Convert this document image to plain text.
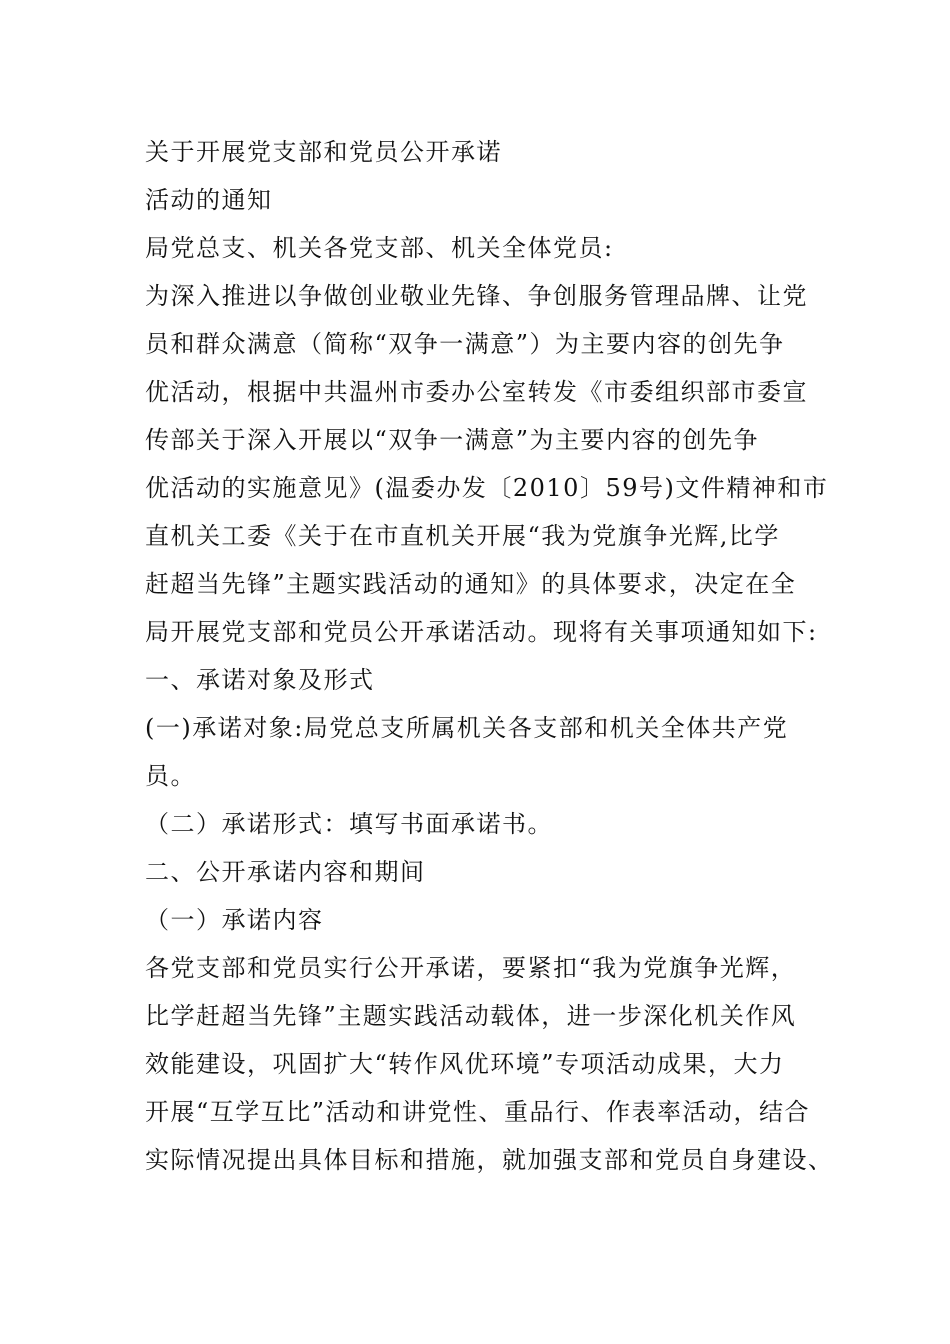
关于开展党支部和党员公开承诺
活动的通知
局党总支、机关各党支部、机关全体党员:
为深入推进以争做创业敬业先锋、争创服务管理品牌、让党
员和群众满意（简称“双争一满意”）为主要内容的创先争
优活动，根据中共温州市委办公室转发《市委组织部市委宣
传部关于深入开展以“双争一满意”为主要内容的创先争
优活动的实施意见》(温委办发〔2010〕59号)文件精神和市
直机关工委《关于在市直机关开展“我为党旗争光辉,比学
赶超当先锋”主题实践活动的通知》的具体要求，决定在全
局开展党支部和党员公开承诺活动。现将有关事项通知如下:
一、承诺对象及形式
(一)承诺对象:局党总支所属机关各支部和机关全体共产党
员。
（二）承诺形式：填写书面承诺书。
二、公开承诺内容和期间
（一）承诺内容
各党支部和党员实行公开承诺，要紧扣“我为党旗争光辉，
比学赶超当先锋”主题实践活动载体，进一步深化机关作风
效能建设，巩固扩大“转作风优环境”专项活动成果，大力
开展“互学互比”活动和讲党性、重品行、作表率活动，结合
实际情况提出具体目标和措施，就加强支部和党员自身建设、
